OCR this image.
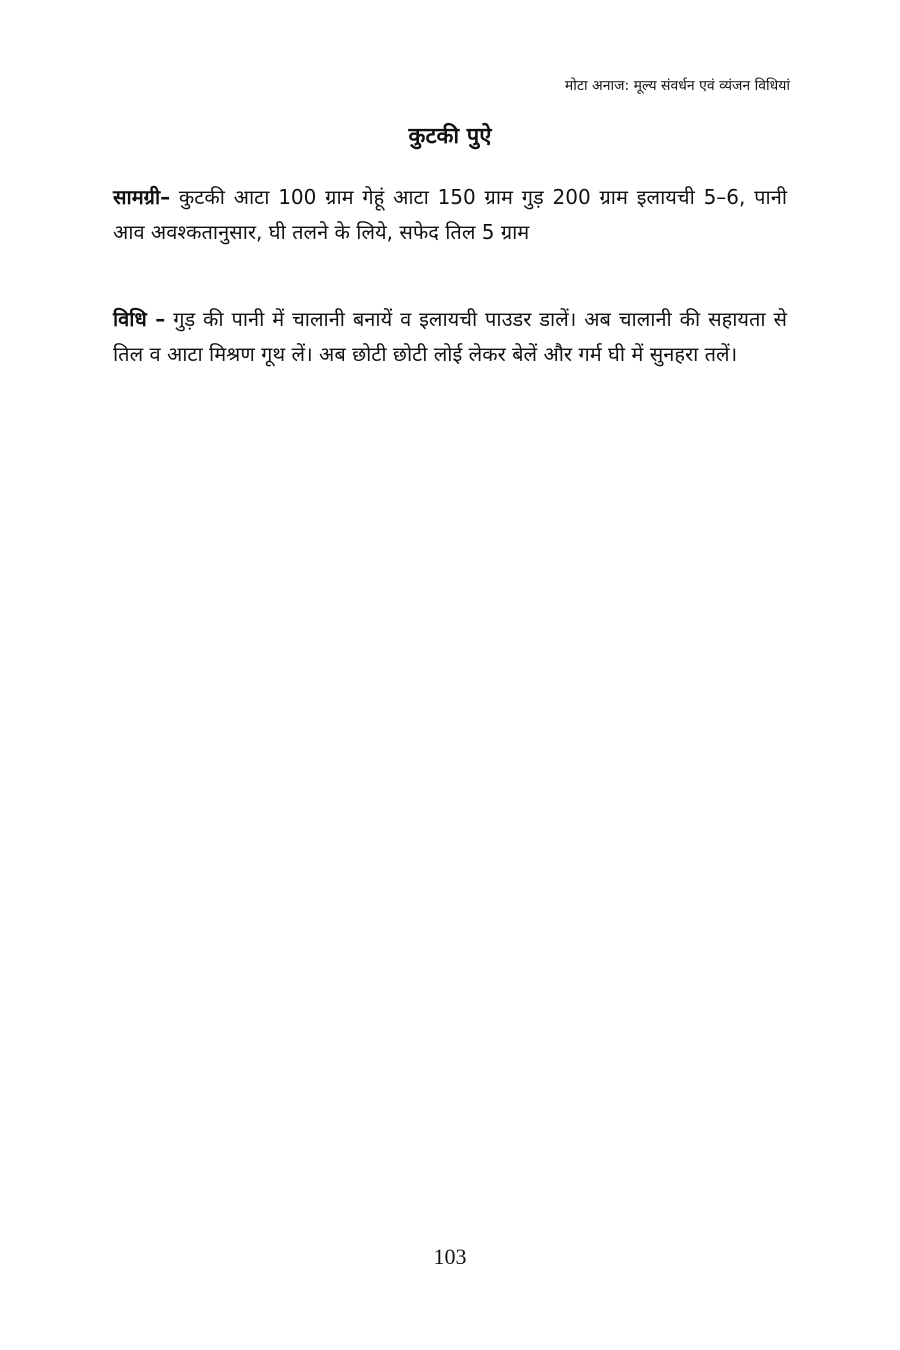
मोटा अनाज: मूल्य संवर्धन एवं व्यंजन विधियां
कुटकी पुऐ

सामग्री– कुटकी आटा 100 ग्राम गेहूं आटा 150 ग्राम गुड़ 200 ग्राम इलायची 5–6, पानी आव अवश्कतानुसार, घी तलने के लिये, सफेद तिल 5 ग्राम

विधि – गुड़ की पानी में चालानी बनायें व इलायची पाउडर डालें। अब चालानी की सहायता से तिल व आटा मिश्रण गूथ लें। अब छोटी छोटी लोई लेकर बेलें और गर्म घी में सुनहरा तलें।

103
